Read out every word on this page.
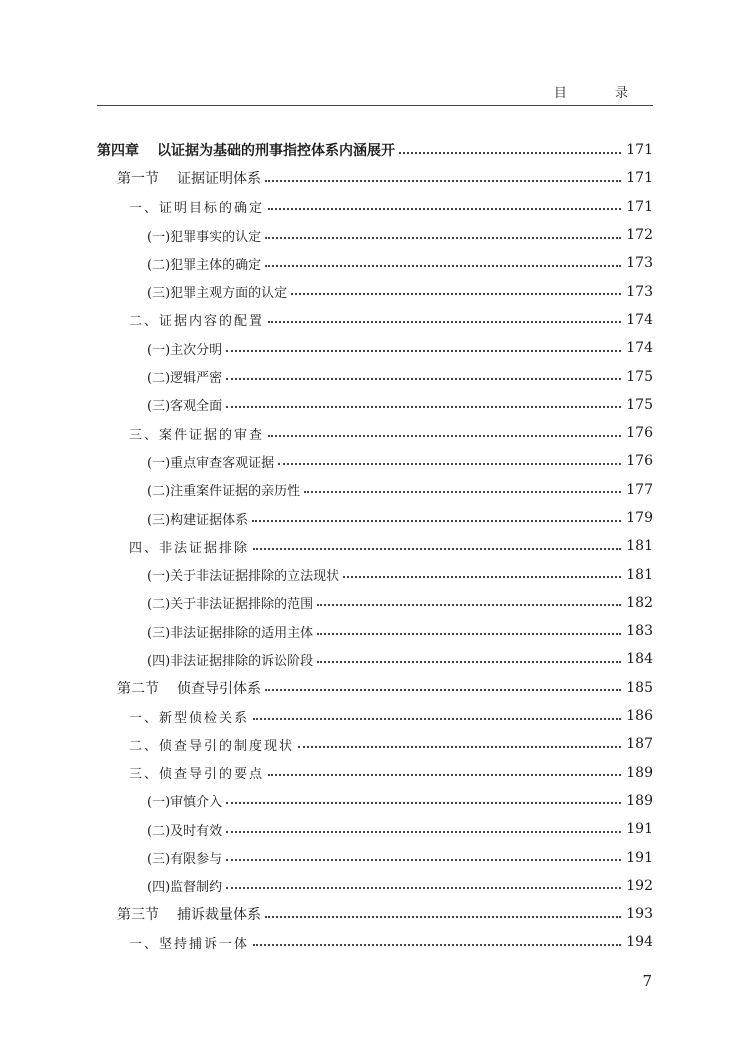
目 录
第四章 以证据为基础的刑事指控体系内涵展开	171
第一节 证据证明体系	171
一、证明目标的确定	171
(一)犯罪事实的认定	172
(二)犯罪主体的确定	173
(三)犯罪主观方面的认定	173
二、证据内容的配置	174
(一)主次分明	174
(二)逻辑严密	175
(三)客观全面	175
三、案件证据的审查	176
(一)重点审查客观证据	176
(二)注重案件证据的亲历性	177
(三)构建证据体系	179
四、非法证据排除	181
(一)关于非法证据排除的立法现状	181
(二)关于非法证据排除的范围	182
(三)非法证据排除的适用主体	183
(四)非法证据排除的诉讼阶段	184
第二节 侦查导引体系	185
一、新型侦检关系	186
二、侦查导引的制度现状	187
三、侦查导引的要点	189
(一)审慎介入	189
(二)及时有效	191
(三)有限参与	191
(四)监督制约	192
第三节 捕诉裁量体系	193
一、坚持捕诉一体	194
7
